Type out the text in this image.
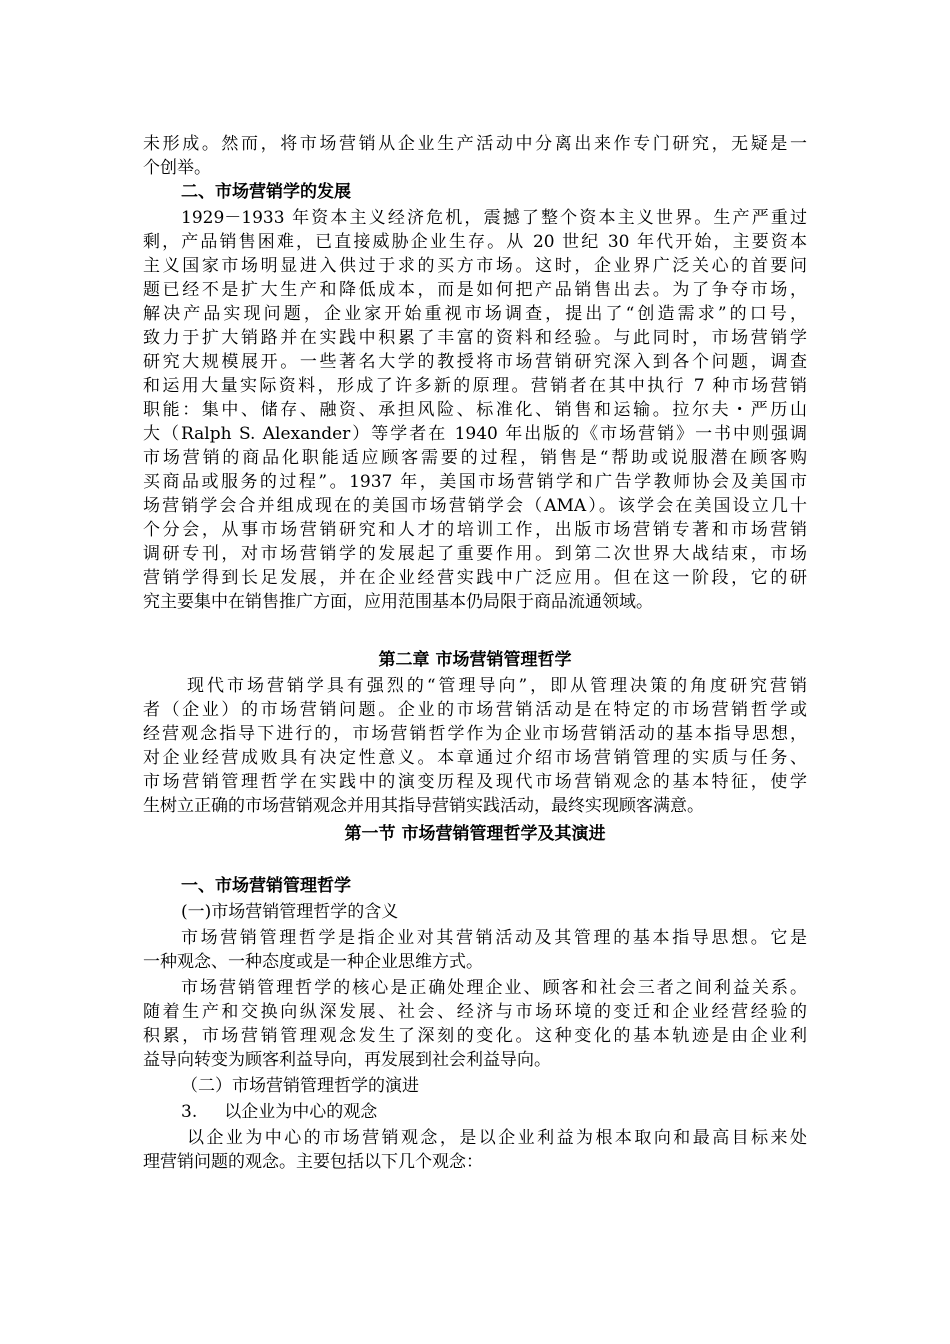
未形成。然而，将市场营销从企业生产活动中分离出来作专门研究，无疑是一
个创举。
二、市场营销学的发展
1929－1933 年资本主义经济危机，震撼了整个资本主义世界。生产严重过
剩，产品销售困难，已直接威胁企业生存。从 20 世纪 30 年代开始，主要资本
主义国家市场明显进入供过于求的买方市场。这时，企业界广泛关心的首要问
题已经不是扩大生产和降低成本，而是如何把产品销售出去。为了争夺市场，
解决产品实现问题，企业家开始重视市场调查，提出了“创造需求”的口号，
致力于扩大销路并在实践中积累了丰富的资料和经验。与此同时，市场营销学
研究大规模展开。一些著名大学的教授将市场营销研究深入到各个问题，调查
和运用大量实际资料，形成了许多新的原理。营销者在其中执行 7 种市场营销
职能：集中、储存、融资、承担风险、标准化、销售和运输。拉尔夫・严历山
大（Ralph S. Alexander）等学者在 1940 年出版的《市场营销》一书中则强调
市场营销的商品化职能适应顾客需要的过程，销售是“帮助或说服潜在顾客购
买商品或服务的过程”。1937 年，美国市场营销学和广告学教师协会及美国市
场营销学会合并组成现在的美国市场营销学会（AMA）。该学会在美国设立几十
个分会，从事市场营销研究和人才的培训工作，出版市场营销专著和市场营销
调研专刊，对市场营销学的发展起了重要作用。到第二次世界大战结束，市场
营销学得到长足发展，并在企业经营实践中广泛应用。但在这一阶段，它的研
究主要集中在销售推广方面，应用范围基本仍局限于商品流通领域。
第二章 市场营销管理哲学
现代市场营销学具有强烈的“管理导向”，即从管理决策的角度研究营销
者（企业）的市场营销问题。企业的市场营销活动是在特定的市场营销哲学或
经营观念指导下进行的，市场营销哲学作为企业市场营销活动的基本指导思想，
对企业经营成败具有决定性意义。本章通过介绍市场营销管理的实质与任务、
市场营销管理哲学在实践中的演变历程及现代市场营销观念的基本特征，使学
生树立正确的市场营销观念并用其指导营销实践活动，最终实现顾客满意。
第一节 市场营销管理哲学及其演进
一、市场营销管理哲学
(一)市场营销管理哲学的含义
市场营销管理哲学是指企业对其营销活动及其管理的基本指导思想。它是
一种观念、一种态度或是一种企业思维方式。
市场营销管理哲学的核心是正确处理企业、顾客和社会三者之间利益关系。
随着生产和交换向纵深发展、社会、经济与市场环境的变迁和企业经营经验的
积累，市场营销管理观念发生了深刻的变化。这种变化的基本轨迹是由企业利
益导向转变为顾客利益导向，再发展到社会利益导向。
（二）市场营销管理哲学的演进
3.     以企业为中心的观念
以企业为中心的市场营销观念，是以企业利益为根本取向和最高目标来处
理营销问题的观念。主要包括以下几个观念：
